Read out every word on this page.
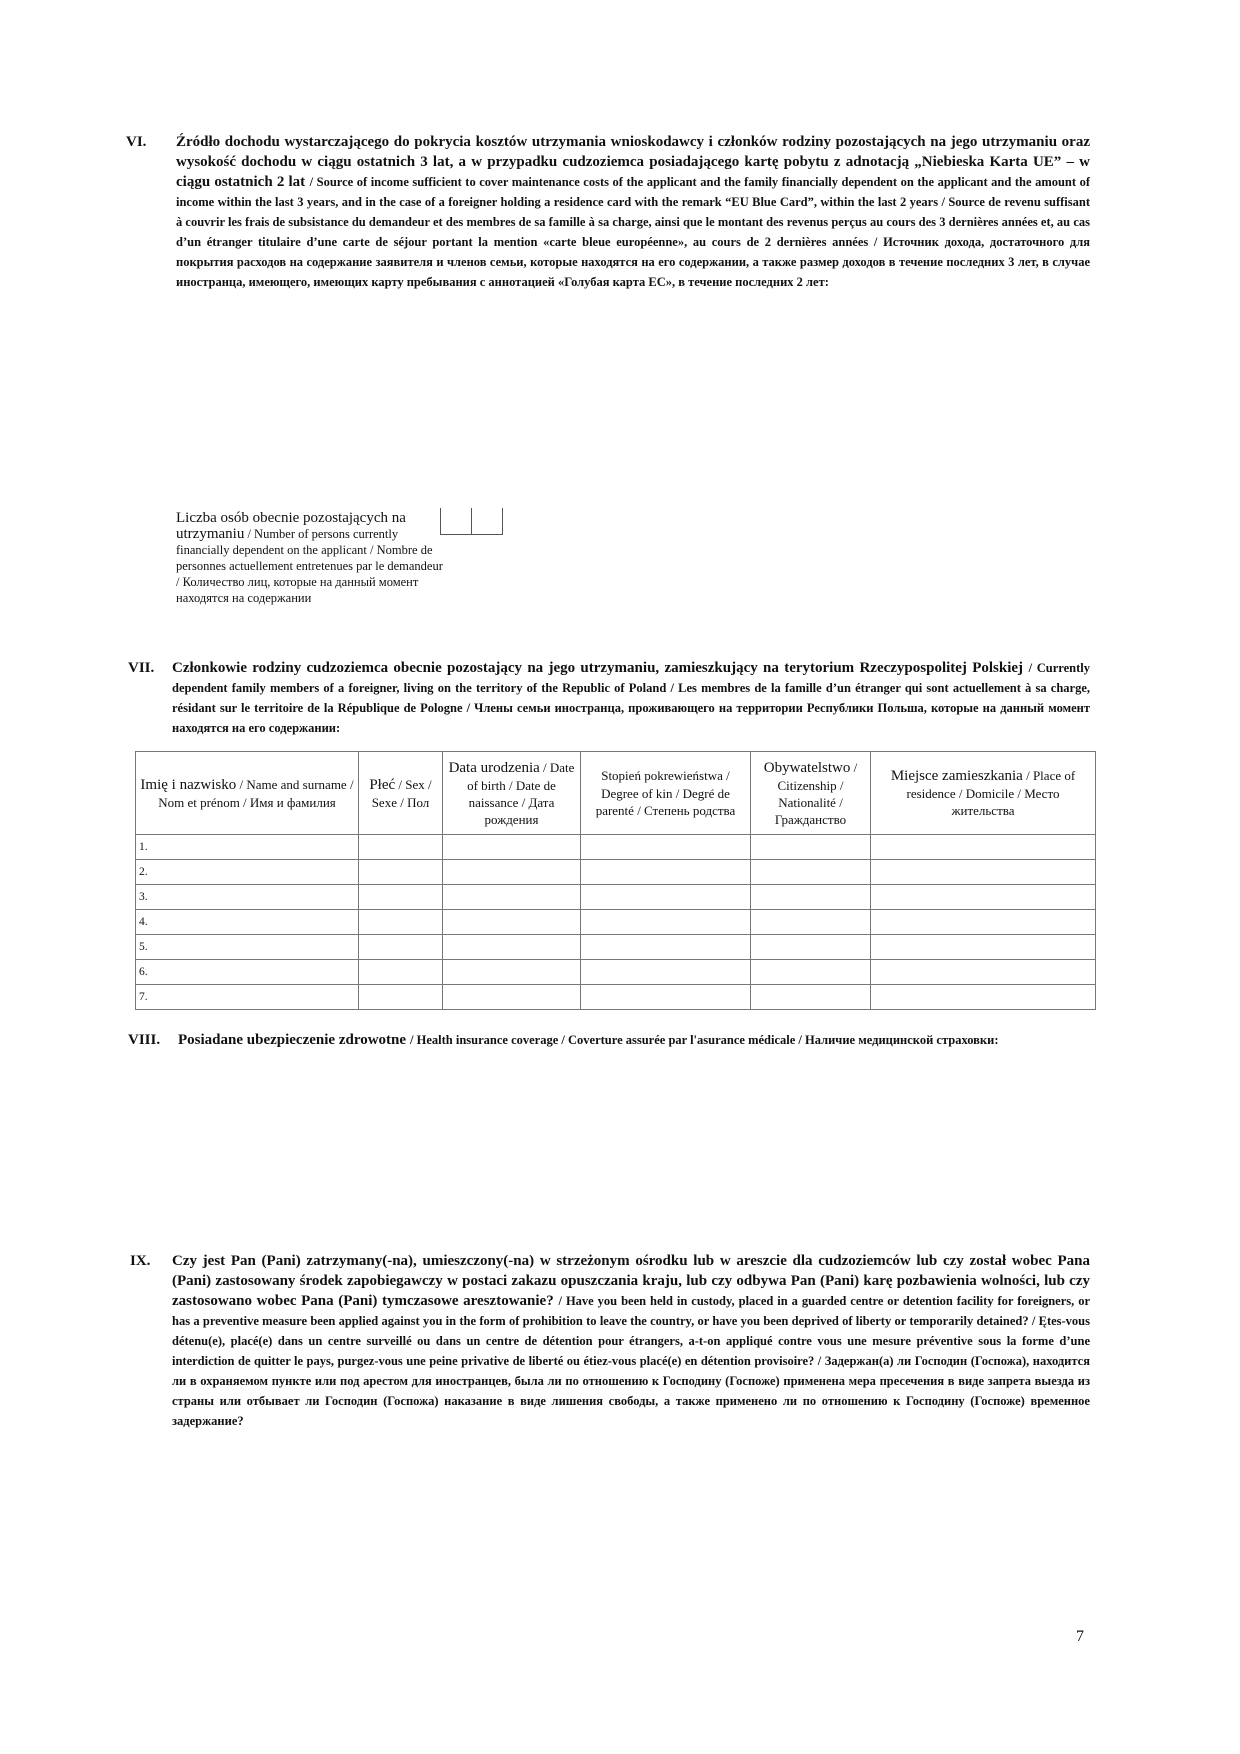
VI. Źródło dochodu wystarczającego do pokrycia kosztów utrzymania wnioskodawcy i członków rodziny pozostających na jego utrzymaniu oraz wysokość dochodu w ciągu ostatnich 3 lat, a w przypadku cudzoziemca posiadającego kartę pobytu z adnotacją „Niebieska Karta UE” – w ciągu ostatnich 2 lat / Source of income sufficient to cover maintenance costs of the applicant and the family financially dependent on the applicant and the amount of income within the last 3 years, and in the case of a foreigner holding a residence card with the remark “EU Blue Card”, within the last 2 years / Source de revenu suffisant à couvrir les frais de subsistance du demandeur et des membres de sa famille à sa charge, ainsi que le montant des revenus perçus au cours des 3 dernières années et, au cas d’un étranger titulaire d’une carte de séjour portant la mention «carte bleue européenne», au cours de 2 dernières années / Источник дохода, достаточного для покрытия расходов на содержание заявителя и членов семьи, которые находятся на его содержании, а также размер доходов в течение последних 3 лет, в случае иностранца, имеющего, имеющих карту пребывания с аннотацией «Голубая карта ЕС», в течение последних 2 лет:
Liczba osób obecnie pozostających na utrzymaniu / Number of persons currently financially dependent on the applicant / Nombre de personnes actuellement entretenues par le demandeur / Количество лиц, которые на данный момент находятся на содержании
VII. Członkowie rodziny cudzoziemca obecnie pozostający na jego utrzymaniu, zamieszkujący na terytorium Rzeczypospolitej Polskiej / Currently dependent family members of a foreigner, living on the territory of the Republic of Poland / Les membres de la famille d’un étranger qui sont actuellement à sa charge, résidant sur le territoire de la République de Pologne / Члены семьи иностранца, проживающего на территории Республики Польша, которые на данный момент находятся на его содержании:
Imię i nazwisko / Name and surname / Nom et prénom / Имя и фамилия	Płeć / Sex / Sexe / Пол	Data urodzenia / Date of birth / Date de naissance / Дата рождения	Stopień pokrewieństwa / Degree of kin / Degré de parenté / Степень родства	Obywatelstwo / Citizenship / Nationalité / Гражданство	Miejsce zamieszkania / Place of residence / Domicile / Место жительства
1.					
2.					
3.					
4.					
5.					
6.					
7.					
VIII. Posiadane ubezpieczenie zdrowotne / Health insurance coverage / Coverture assurée par l'asurance médicale / Наличие медицинской страховки:
IX. Czy jest Pan (Pani) zatrzymany(-na), umieszczony(-na) w strzeżonym ośrodku lub w areszcie dla cudzoziemców lub czy został wobec Pana (Pani) zastosowany środek zapobiegawczy w postaci zakazu opuszczania kraju, lub czy odbywa Pan (Pani) karę pozbawienia wolności, lub czy zastosowano wobec Pana (Pani) tymczasowe aresztowanie? / Have you been held in custody, placed in a guarded centre or detention facility for foreigners, or has a preventive measure been applied against you in the form of prohibition to leave the country, or have you been deprived of liberty or temporarily detained? / Ętes-vous détenu(e), placé(e) dans un centre surveillé ou dans un centre de détention pour étrangers, a-t-on appliqué contre vous une mesure préventive sous la forme d’une interdiction de quitter le pays, purgez-vous une peine privative de liberté ou étiez-vous placé(e) en détention provisoire? / Задержан(а) ли Господин (Госпожа), находится ли в охраняемом пункте или под арестом для иностранцев, была ли по отношению к Господину (Госпоже) применена мера пресечения в виде запрета выезда из страны или отбывает ли Господин (Госпожа) наказание в виде лишения свободы, а также применено ли по отношению к Господину (Госпоже) временное задержание?
7
